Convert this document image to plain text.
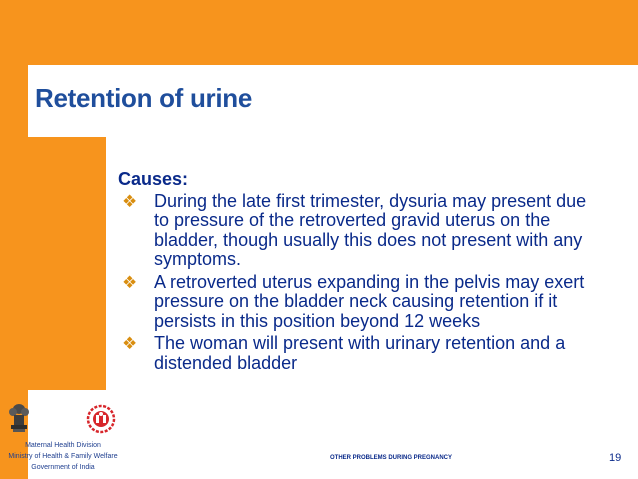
Retention of urine

Causes:

❖ During the late first trimester, dysuria may present due to pressure of the retroverted gravid uterus on the bladder, though usually this does not present with any symptoms.

❖ A retroverted uterus expanding in the pelvis may exert pressure on the bladder neck causing retention if it persists in this position beyond 12 weeks

❖ The woman will present with urinary retention and a distended bladder

Maternal Health Division
Ministry of Health & Family Welfare
Government of India
OTHER PROBLEMS DURING PREGNANCY	19
